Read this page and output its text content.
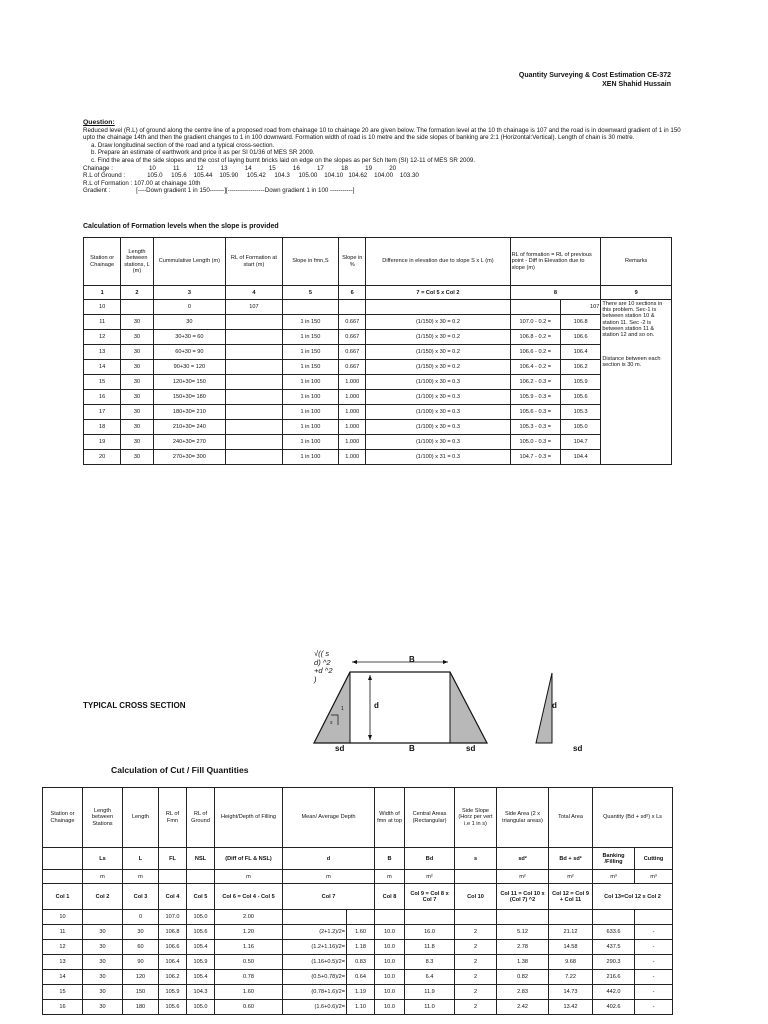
Quantity Surveying & Cost Estimation CE-372
XEN Shahid Hussain
Question:
Reduced level (R.L) of ground along the centre line of a proposed road from chainage 10 to chainage 20 are given below. The formation level at the 10 th chainage is 107 and the road is in downward gradient of 1 in 150 upto the chainage 14th and then the gradient changes to 1 in 100 downward. Formation width of road is 10 metre and the side slopes of banking are 2:1 (Horizontal:Vertical). Length of chain is 30 metre.
a. Draw longitudinal section of the road and a typical cross-section.
b. Prepare an estimate of earthwork and price it as per SI 01/36 of MES SR 2009.
c. Find the area of the side slopes and the cost of laying burnt bricks laid on edge on the slopes as per Sch Item (SI) 12-11 of MES SR 2009.
Chainage :	10          11          12          13          14          15          16          17          18          19          20
R.L of Ground :	105.0     105.6    105.44    105.90     105.42     104.3     105.00    104.10   104.62    104.00    103.30
R.L of Formation : 107.00 at chainage 10th
Gradient :	[----Down gradient 1 in 150-------][------------------Down gradient 1 in 100 -----------]
Calculation of Formation levels when the slope is provided
Station or Chainage	Length between stations, L (m)	Cummulative Length (m)	RL of Formation at start (m)	Slope in fmn,S	Slope in %	Difference in elevation due to slope S x L (m)	RL of formation = RL of previous point - Diff in Elevation due to slope (m)		Remarks
1	2	3	4	5	6	7 = Col 5 x Col 2	8		9
10		0	107					107	There are 10 sections in this problem. Sec-1 is between station 10 & station 11. Sec -2 is between station 11 & station 12 and so on.
Distance between each section is 30 m.

11	30	30		1 in 150	0.667	(1/150) x 30 = 0.2	107.0 - 0.2 =	106.8	
12	30	30+30 = 60		1 in 150	0.667	(1/150) x 30 = 0.2	106.8 - 0.2 =	106.6	
13	30	60+30 = 90		1 in 150	0.667	(1/150) x 30 = 0.2	106.6 - 0.2 =	106.4	
14	30	90+30 = 120		1 in 150	0.667	(1/150) x 30 = 0.2	106.4 - 0.2 =	106.2	
15	30	120+30= 150		1 in 100	1.000	(1/100) x 30 = 0.3	106.2 - 0.3 =	105.9	
16	30	150+30= 180		1 in 100	1.000	(1/100) x 30 = 0.3	105.9 - 0.3 =	105.6	
17	30	180+30= 210		1 in 100	1.000	(1/100) x 30 = 0.3	105.6 - 0.3 =	105.3	
18	30	210+30= 240		1 in 100	1.000	(1/100) x 30 = 0.3	105.3 - 0.3 =	105.0	
19	30	240+30= 270		1 in 100	1.000	(1/100) x 30 = 0.3	105.0 - 0.3 =	104.7	
20	30	270+30= 300		1 in 100	1.000	(1/100) x 31 = 0.3	104.7 - 0.3 =	104.4	
TYPICAL CROSS SECTION
√(( sd) ^2 +d ^2 )
B
d
1
s
sd	B	sd
d
sd
Calculation of Cut / Fill Quantities
Station or Chainage	Length between Stations	Length	RL of Fmn	RL of Ground	Height/Depth of Filling	Mean/ Average Depth		Width of fmn at top	Central Areas (Rectangular)	Side Slope (Horz per vert i.e 1 in s)	Side Area (2 x triangular areas)	Total Area	Quantity (Bd + sd²) x Ls	
	Ls	L	FL	NSL	(Diff of FL & NSL)	d		B	Bd	s	sd²	Bd + sd²	Banking /Filling	Cutting
	m	m			m	m		m	m²		m²	m²	m³	m³
Col 1	Col 2	Col 3	Col 4	Col 5	Col 6 = Col 4 - Col 5	Col 7		Col 8	Col 9 = Col 8 x Col 7	Col 10	Col 11 = Col 10 x (Col 7) ^2	Col 12 = Col 9 + Col 11	Col 13=Col 12 x Col 2	
10		0	107.0	105.0	2.00									
11	30	30	106.8	105.6	1.20	(2+1.2)/2=	1.60	10.0	16.0	2	5.12	21.12	633.6	-
12	30	60	106.6	105.4	1.16	(1.2+1.16)/2=	1.18	10.0	11.8	2	2.78	14.58	437.5	-
13	30	90	106.4	105.9	0.50	(1.16+0.5)/2=	0.83	10.0	8.3	2	1.38	9.68	290.3	-
14	30	120	106.2	105.4	0.78	(0.5+0.78)/2=	0.64	10.0	6.4	2	0.82	7.22	216.6	-
15	30	150	105.9	104.3	1.60	(0.78+1.6)/2=	1.19	10.0	11.9	2	2.83	14.73	442.0	-
16	30	180	105.6	105.0	0.60	(1.6+0.6)/2=	1.10	10.0	11.0	2	2.42	13.42	402.6	-
